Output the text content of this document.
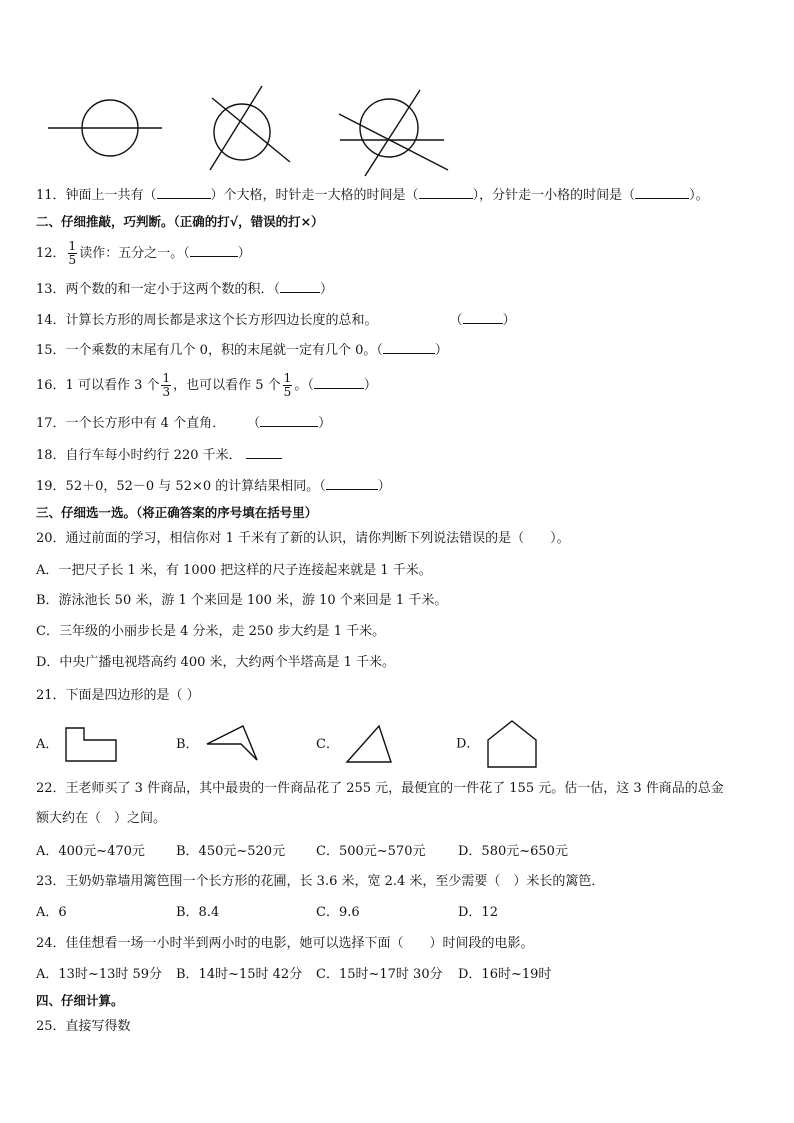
11．钟面上一共有（	）个大格，时针走一大格的时间是（	），分针走一小格的时间是（	）。
二、仔细推敲，巧判断。（正确的打√，错误的打×）
12． $\frac{1}{5}$ 读作：五分之一。（	）
13．两个数的和一定小于这两个数的积．（	）
14．计算长方形的周长都是求这个长方形四边长度的总和。	（	）
15．一个乘数的末尾有几个 0，积的末尾就一定有几个 0。（	）
16．1 可以看作 3 个 $\frac{1}{3}$ ，也可以看作 5 个 $\frac{1}{5}$ 。（	）
17．一个长方形中有 4 个直角． （	）
18．自行车每小时约行 220 千米．
19．52＋0，52－0 与 52×0 的计算结果相同。（	）
三、仔细选一选。（将正确答案的序号填在括号里）
20．通过前面的学习，相信你对 1 千米有了新的认识，请你判断下列说法错误的是（　　）。
A．一把尺子长 1 米，有 1000 把这样的尺子连接起来就是 1 千米。
B．游泳池长 50 米，游 1 个来回是 100 米，游 10 个来回是 1 千米。
C．三年级的小丽步长是 4 分米，走 250 步大约是 1 千米。
D．中央广播电视塔高约 400 米，大约两个半塔高是 1 千米。
21．下面是四边形的是（ ）
A．	B．	C．	D．
22．王老师买了 3 件商品，其中最贵的一件商品花了 255 元，最便宜的一件花了 155 元。估一估，这 3 件商品的总金
额大约在（　）之间。
A．400元~470元 B．450元~520元 C．500元~570元	D．580元~650元
23．王奶奶靠墙用篱笆围一个长方形的花圃，长 3.6 米，宽 2.4 米，至少需要（　）米长的篱笆．
A．6	B．8.4	C．9.6	D．12
24．佳佳想看一场一小时半到两小时的电影，她可以选择下面（　　）时间段的电影。
A．13时~13时 59分 B．14时~15时 42分 C．15时~17时 30分 D．16时~19时
四、仔细计算。
25．直接写得数
